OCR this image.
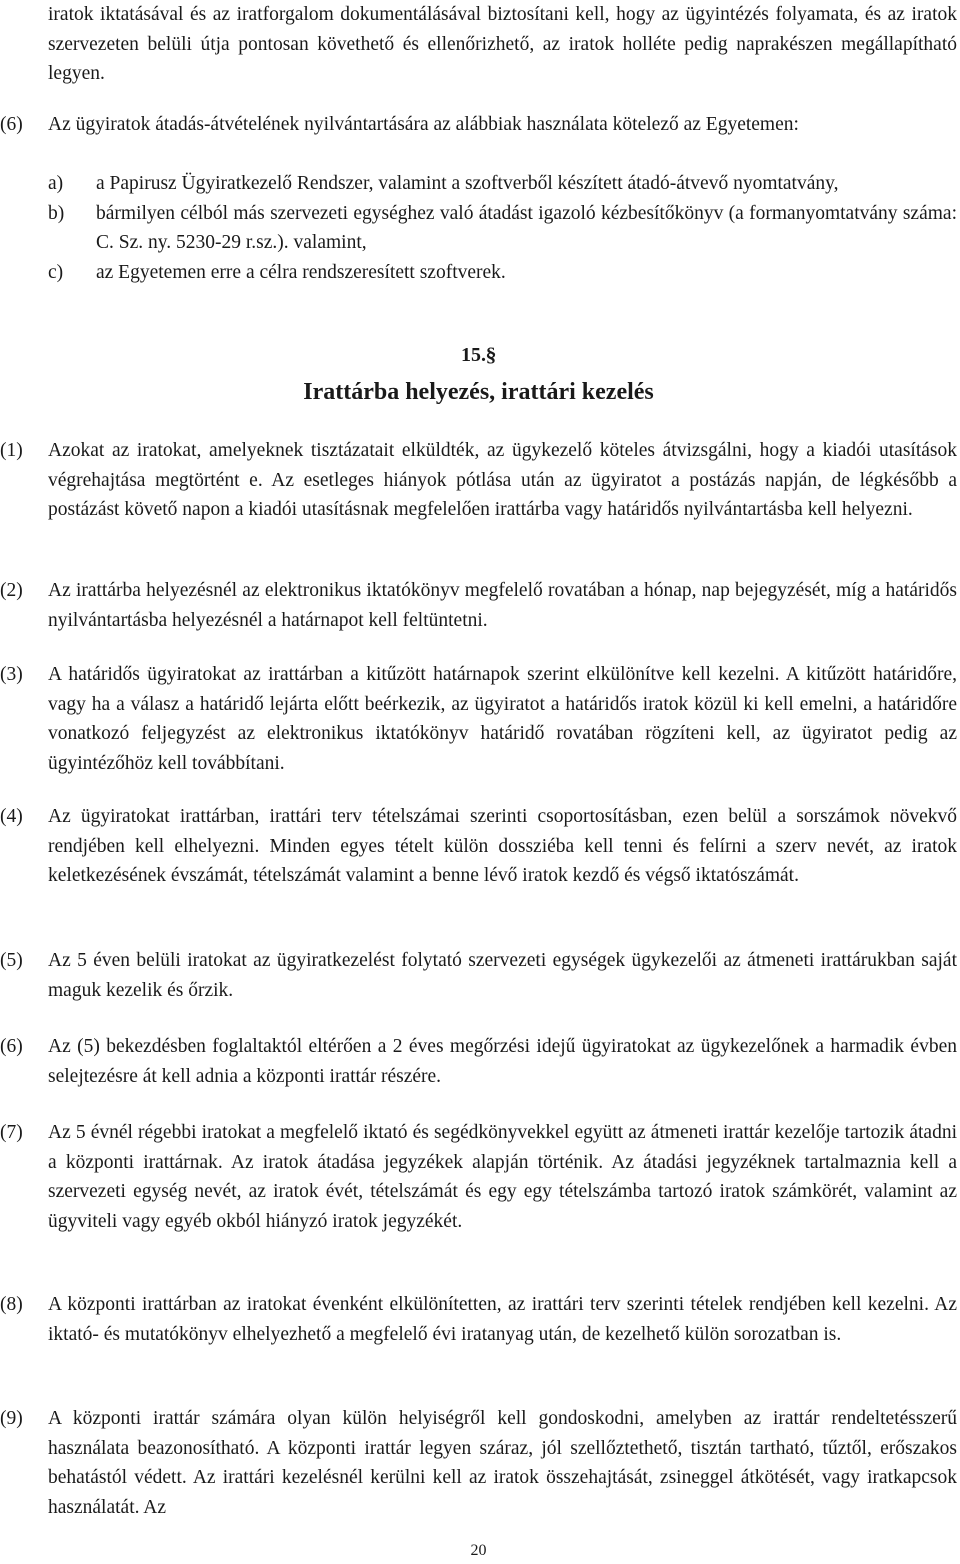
iratok iktatásával és az iratforgalom dokumentálásával biztosítani kell, hogy az ügyintézés folyamata, és az iratok szervezeten belüli útja pontosan követhető és ellenőrizhető, az iratok holléte pedig naprakészen megállapítható legyen.

(6) Az ügyiratok átadás-átvételének nyilvántartására az alábbiak használata kötelező az Egyetemen:
a) a Papirusz Ügyiratkezelő Rendszer, valamint a szoftverből készített átadó-átvevő nyomtatvány,
b) bármilyen célból más szervezeti egységhez való átadást igazoló kézbesítőkönyv (a formanyomtatvány száma: C. Sz. ny. 5230-29 r.sz.). valamint,
c) az Egyetemen erre a célra rendszeresített szoftverek.
15.§
Irattárba helyezés, irattári kezelés
(1) Azokat az iratokat, amelyeknek tisztázatait elküldték, az ügykezelő köteles átvizsgálni, hogy a kiadói utasítások végrehajtása megtörtént e. Az esetleges hiányok pótlása után az ügyiratot a postázás napján, de légkésőbb a postázást követő napon a kiadói utasításnak megfelelően irattárba vagy határidős nyilvántartásba kell helyezni.
(2) Az irattárba helyezésnél az elektronikus iktatókönyv megfelelő rovatában a hónap, nap bejegyzését, míg a határidős nyilvántartásba helyezésnél a határnapot kell feltüntetni.
(3) A határidős ügyiratokat az irattárban a kitűzött határnapok szerint elkülönítve kell kezelni. A kitűzött határidőre, vagy ha a válasz a határidő lejárta előtt beérkezik, az ügyiratot a határidős iratok közül ki kell emelni, a határidőre vonatkozó feljegyzést az elektronikus iktatókönyv határidő rovatában rögzíteni kell, az ügyiratot pedig az ügyintézőhöz kell továbbítani.
(4) Az ügyiratokat irattárban, irattári terv tételszámai szerinti csoportosításban, ezen belül a sorszámok növekvő rendjében kell elhelyezni. Minden egyes tételt külön dossziéba kell tenni és felírni a szerv nevét, az iratok keletkezésének évszámát, tételszámát valamint a benne lévő iratok kezdő és végső iktatószámát.
(5) Az 5 éven belüli iratokat az ügyiratkezelést folytató szervezeti egységek ügykezelői az átmeneti irattárukban saját maguk kezelik és őrzik.
(6) Az (5) bekezdésben foglaltaktól eltérően a 2 éves megőrzési idejű ügyiratokat az ügykezelőnek a harmadik évben selejtezésre át kell adnia a központi irattár részére.
(7) Az 5 évnél régebbi iratokat a megfelelő iktató és segédkönyvekkel együtt az átmeneti irattár kezelője tartozik átadni a központi irattárnak. Az iratok átadása jegyzékek alapján történik. Az átadási jegyzéknek tartalmaznia kell a szervezeti egység nevét, az iratok évét, tételszámát és egy egy tételszámba tartozó iratok számkörét, valamint az ügyviteli vagy egyéb okból hiányzó iratok jegyzékét.
(8) A központi irattárban az iratokat évenként elkülönítetten, az irattári terv szerinti tételek rendjében kell kezelni. Az iktató- és mutatókönyv elhelyezhető a megfelelő évi iratanyag után, de kezelhető külön sorozatban is.
(9) A központi irattár számára olyan külön helyiségről kell gondoskodni, amelyben az irattár rendeltetésszerű használata beazonosítható. A központi irattár legyen száraz, jól szellőztethető, tisztán tartható, tűztől, erőszakos behatástól védett. Az irattári kezelésnél kerülni kell az iratok összehajtását, zsineggel átkötését, vagy iratkapcsok használatát. Az
20
